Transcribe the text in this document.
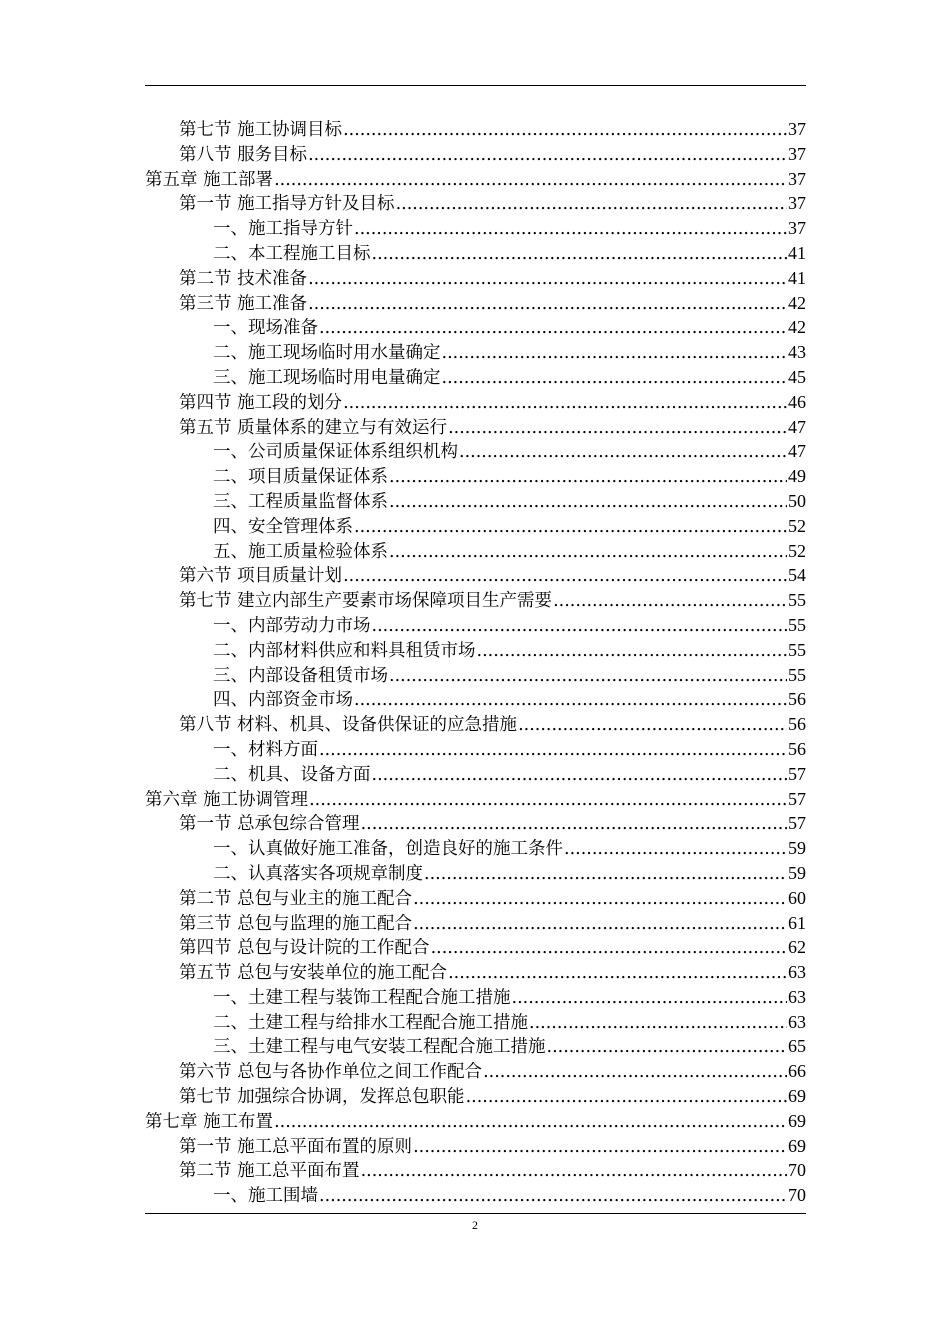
第七节 施工协调目标 .....	37
第八节 服务目标 .....	37
第五章 施工部署 .....	37
第一节 施工指导方针及目标 .....	37
一、施工指导方针 .....	37
二、本工程施工目标 .....	41
第二节 技术准备 .....	41
第三节 施工准备 .....	42
一、现场准备 .....	42
二、施工现场临时用水量确定 .....	43
三、施工现场临时用电量确定 .....	45
第四节 施工段的划分 .....	46
第五节 质量体系的建立与有效运行 .....	47
一、公司质量保证体系组织机构 .....	47
二、项目质量保证体系 .....	49
三、工程质量监督体系 .....	50
四、安全管理体系 .....	52
五、施工质量检验体系 .....	52
第六节 项目质量计划 .....	54
第七节 建立内部生产要素市场保障项目生产需要 .....	55
一、内部劳动力市场 .....	55
二、内部材料供应和料具租赁市场 .....	55
三、内部设备租赁市场 .....	55
四、内部资金市场 .....	56
第八节 材料、机具、设备供保证的应急措施 .....	56
一、材料方面 .....	56
二、机具、设备方面 .....	57
第六章 施工协调管理 .....	57
第一节 总承包综合管理 .....	57
一、认真做好施工准备，创造良好的施工条件 .....	59
二、认真落实各项规章制度 .....	59
第二节 总包与业主的施工配合 .....	60
第三节 总包与监理的施工配合 .....	61
第四节 总包与设计院的工作配合 .....	62
第五节 总包与安装单位的施工配合 .....	63
一、土建工程与装饰工程配合施工措施 .....	63
二、土建工程与给排水工程配合施工措施 .....	63
三、土建工程与电气安装工程配合施工措施 .....	65
第六节 总包与各协作单位之间工作配合 .....	66
第七节 加强综合协调，发挥总包职能 .....	69
第七章 施工布置 .....	69
第一节 施工总平面布置的原则 .....	69
第二节 施工总平面布置 .....	70
一、施工围墙 .....	70
2
